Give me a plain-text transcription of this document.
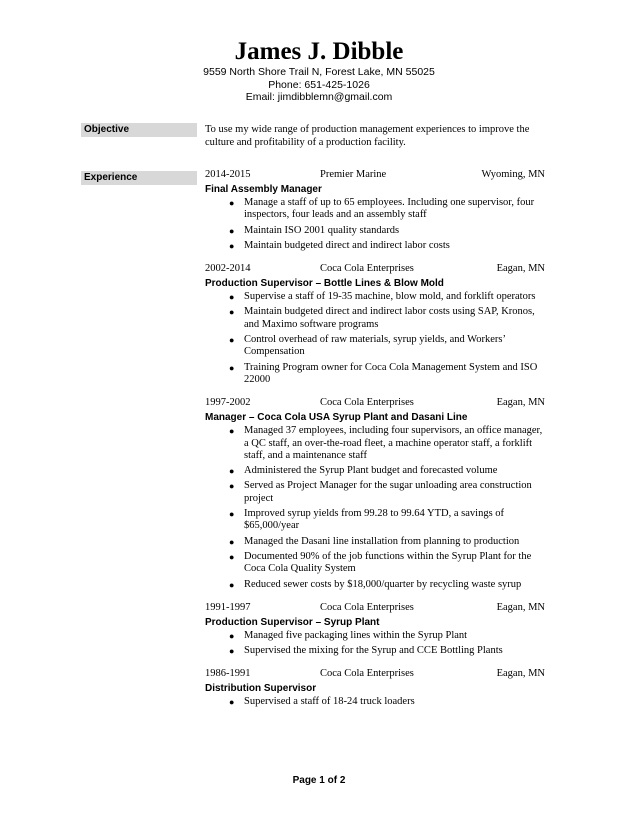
James J. Dibble
9559 North Shore Trail N, Forest Lake, MN 55025
Phone: 651-425-1026
Email: jimdibblemn@gmail.com
Objective	To use my wide range of production management experiences to improve the culture and profitability of a production facility.
Experience	2014-2015	Premier Marine	Wyoming, MN
Final Assembly Manager
● Manage a staff of up to 65 employees. Including one supervisor, four inspectors, four leads and an assembly staff
● Maintain ISO 2001 quality standards
● Maintain budgeted direct and indirect labor costs
2002-2014	Coca Cola Enterprises	Eagan, MN
Production Supervisor – Bottle Lines & Blow Mold
● Supervise a staff of 19-35 machine, blow mold, and forklift operators
● Maintain budgeted direct and indirect labor costs using SAP, Kronos, and Maximo software programs
● Control overhead of raw materials, syrup yields, and Workers’ Compensation
● Training Program owner for Coca Cola Management System and ISO 22000
1997-2002	Coca Cola Enterprises	Eagan, MN
Manager – Coca Cola USA Syrup Plant and Dasani Line
● Managed 37 employees, including four supervisors, an office manager, a QC staff, an over-the-road fleet, a machine operator staff, a forklift staff, and a maintenance staff
● Administered the Syrup Plant budget and forecasted volume
● Served as Project Manager for the sugar unloading area construction project
● Improved syrup yields from 99.28 to 99.64 YTD, a savings of $65,000/year
● Managed the Dasani line installation from planning to production
● Documented 90% of the job functions within the Syrup Plant for the Coca Cola Quality System
● Reduced sewer costs by $18,000/quarter by recycling waste syrup
1991-1997	Coca Cola Enterprises	Eagan, MN
Production Supervisor – Syrup Plant
● Managed five packaging lines within the Syrup Plant
● Supervised the mixing for the Syrup and CCE Bottling Plants
1986-1991	Coca Cola Enterprises	Eagan, MN
Distribution Supervisor
● Supervised a staff of 18-24 truck loaders
Page 1 of 2
